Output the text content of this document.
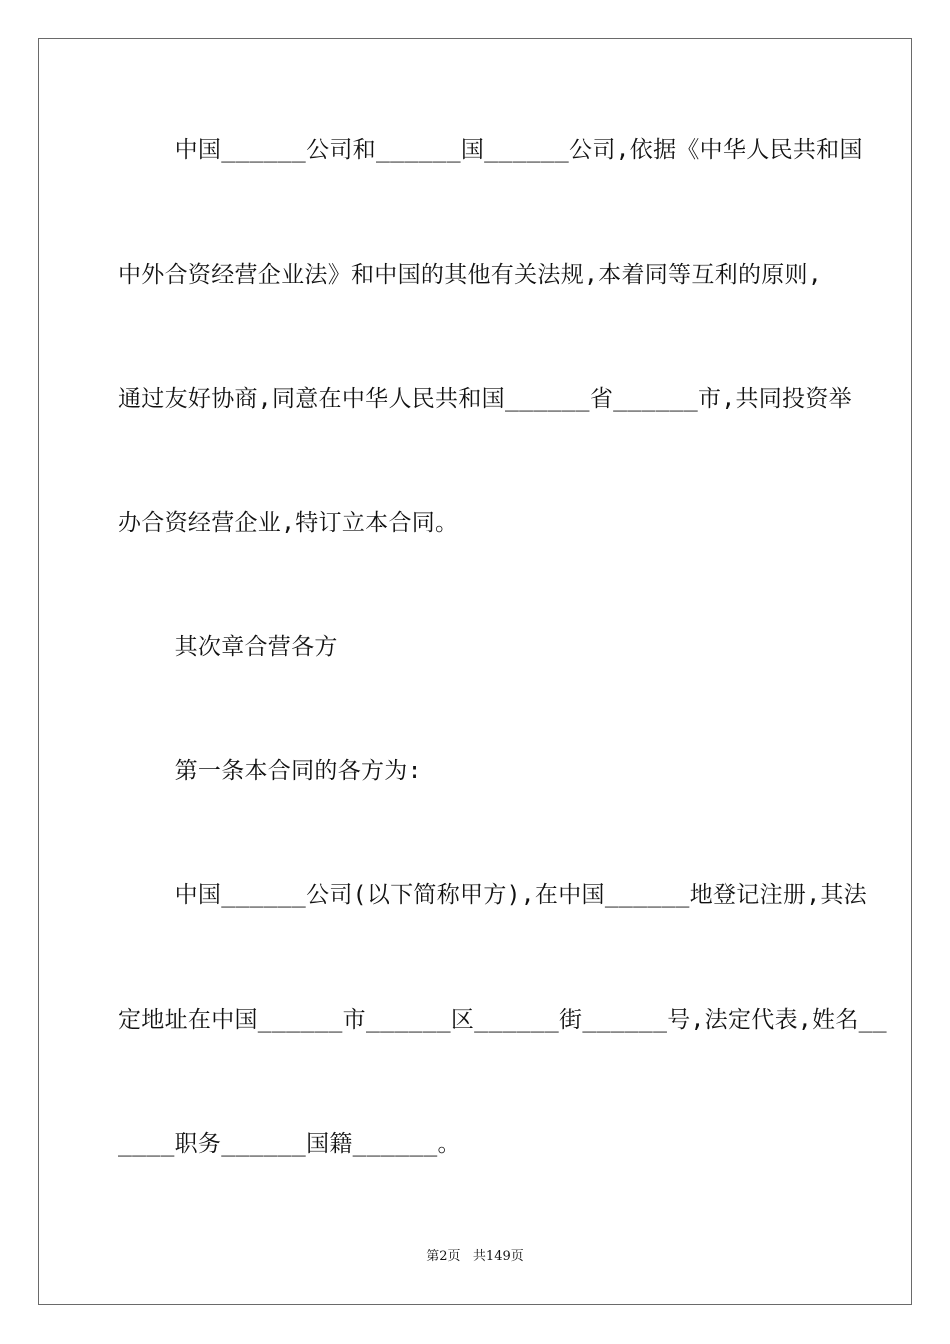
中国______公司和______国______公司,依据《中华人民共和国
中外合资经营企业法》和中国的其他有关法规,本着同等互利的原则,
通过友好协商,同意在中华人民共和国______省______市,共同投资举
办合资经营企业,特订立本合同。
其次章合营各方
第一条本合同的各方为:
中国______公司(以下简称甲方),在中国______地登记注册,其法
定地址在中国______市______区______街______号,法定代表,姓名__
____职务______国籍______。
第2页   共149页
